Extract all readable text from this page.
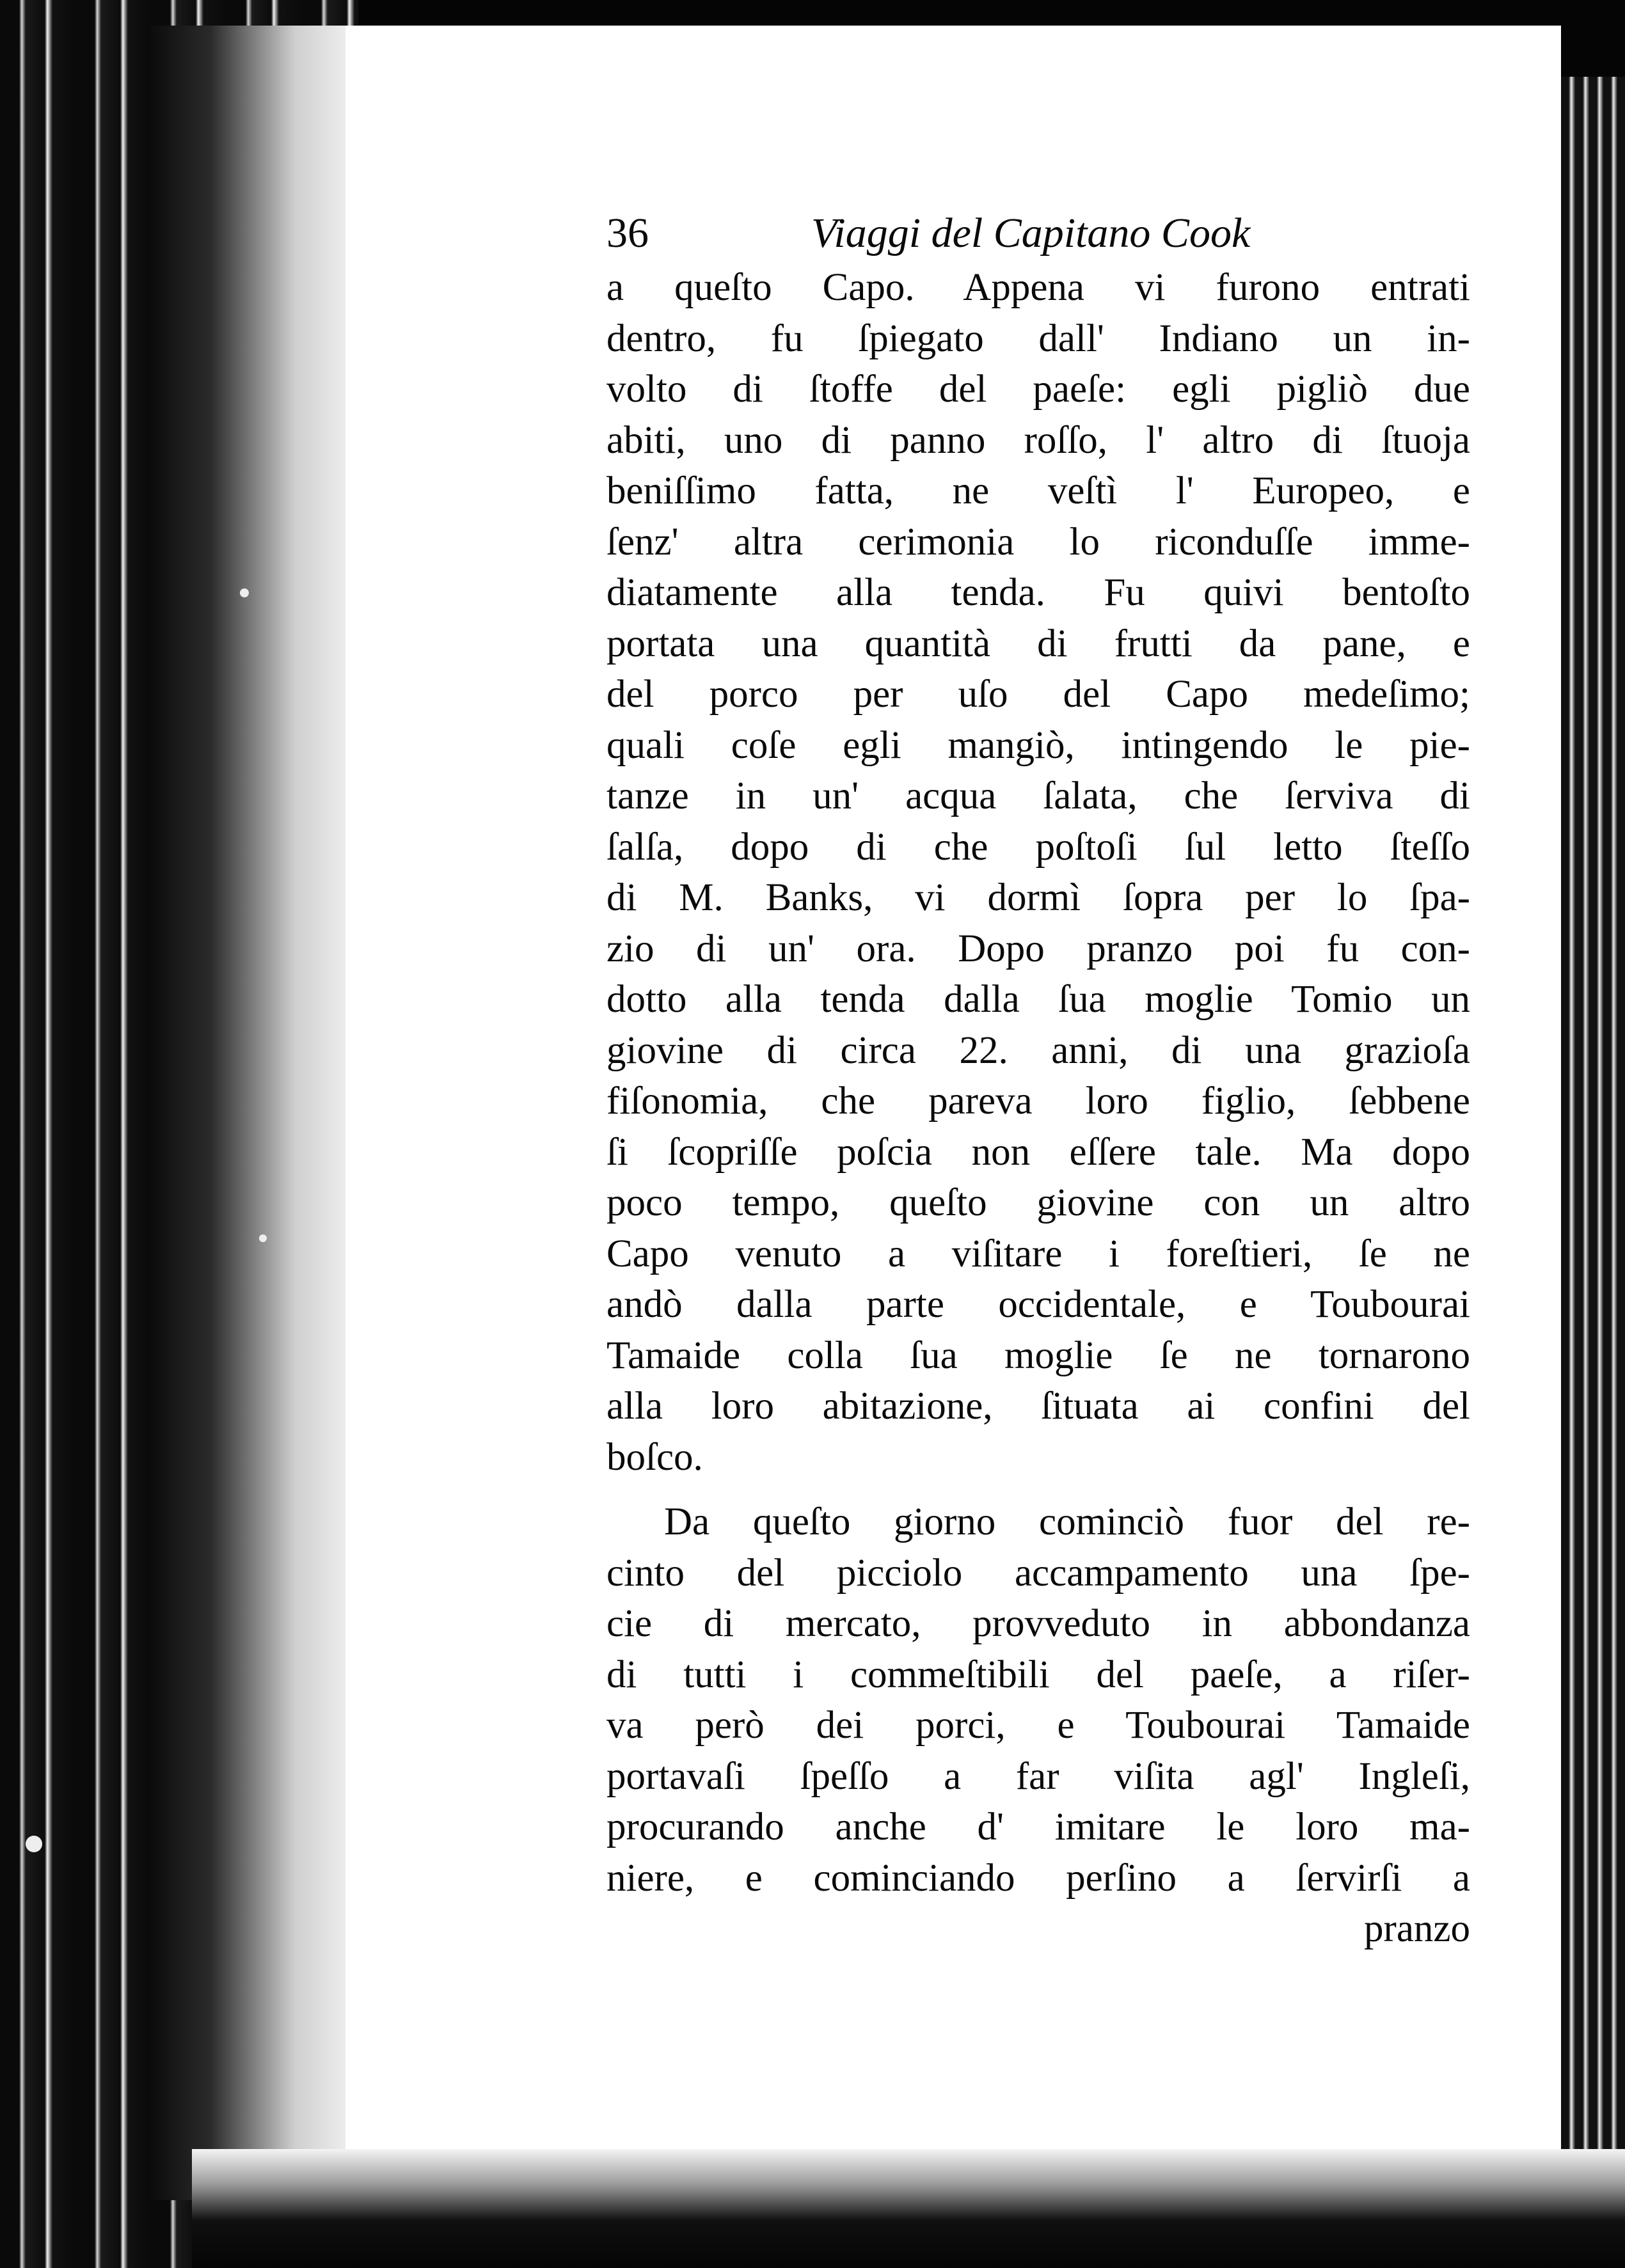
36	Viaggi del Capitano Cook
a queſto Capo. Appena vi furono entrati
dentro, fu ſpiegato dall' Indiano un in-
volto di ſtoffe del paeſe: egli pigliò due
abiti, uno di panno roſſo, l' altro di ſtuoja
beniſſimo fatta, ne veſtì l' Europeo, e
ſenz' altra cerimonia lo riconduſſe imme-
diatamente alla tenda. Fu quivi bentoſto
portata una quantità di frutti da pane, e
del porco per uſo del Capo medeſimo;
quali coſe egli mangiò, intingendo le pie-
tanze in un' acqua ſalata, che ſerviva di
ſalſa, dopo di che poſtoſi ſul letto ſteſſo
di M. Banks, vi dormì ſopra per lo ſpa-
zio di un' ora. Dopo pranzo poi fu con-
dotto alla tenda dalla ſua moglie Tomio un
giovine di circa 22. anni, di una grazioſa
fiſonomia, che pareva loro figlio, ſebbene
ſi ſcopriſſe poſcia non eſſere tale. Ma dopo
poco tempo, queſto giovine con un altro
Capo venuto a viſitare i foreſtieri, ſe ne
andò dalla parte occidentale, e Toubourai
Tamaide colla ſua moglie ſe ne tornarono
alla loro abitazione, ſituata ai confini del
boſco.
Da queſto giorno cominciò fuor del re-
cinto del picciolo accampamento una ſpe-
cie di mercato, provveduto in abbondanza
di tutti i commeſtibili del paeſe, a riſer-
va però dei porci, e Toubourai Tamaide
portavaſi ſpeſſo a far viſita agl' Ingleſi,
procurando anche d' imitare le loro ma-
niere, e cominciando perſino a ſervirſi a
pranzo
